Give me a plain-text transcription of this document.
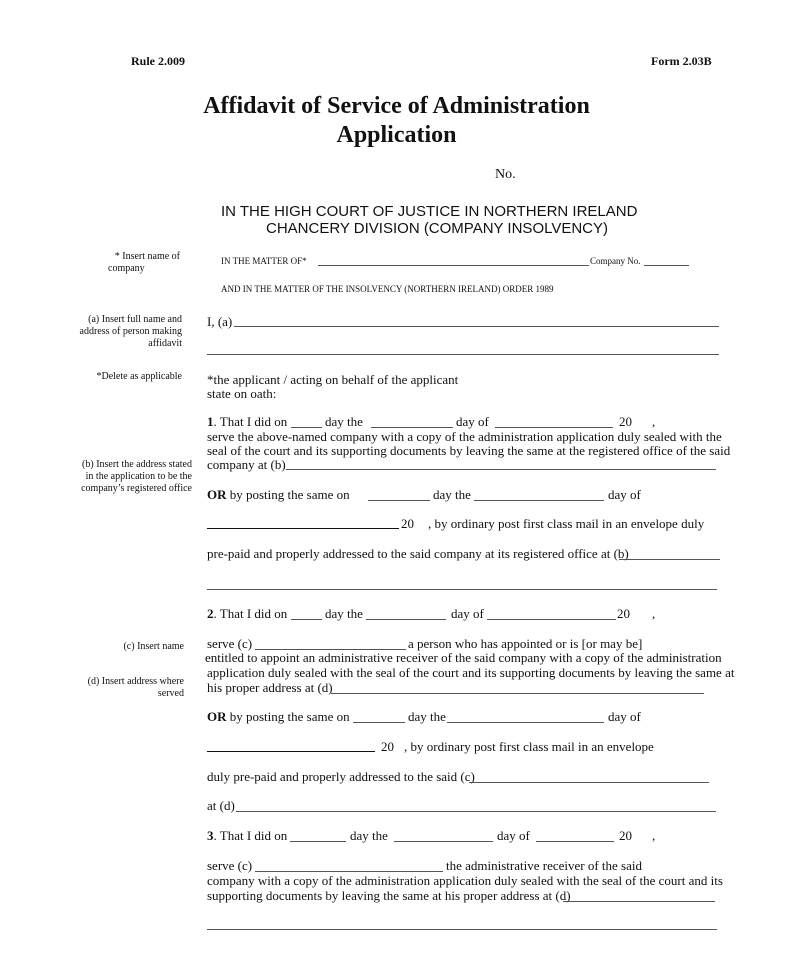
Rule 2.009	Form 2.03B
Affidavit of Service of Administration
Application
No.
IN THE HIGH COURT OF JUSTICE IN NORTHERN IRELAND
CHANCERY DIVISION (COMPANY INSOLVENCY)
* Insert name of
company
(a) Insert full name and
address of person making
affidavit
*Delete as applicable
(b) Insert the address stated
in the application to be the
company’s registered office
(c) Insert name
(d) Insert address where
served
IN THE MATTER OF*	Company No.
AND IN THE MATTER OF THE INSOLVENCY (NORTHERN IRELAND) ORDER 1989
I, (a)
*the applicant / acting on behalf of the applicant
state on oath:
1. That I did on	day the	day of	20 ,
serve the above-named company with a copy of the administration application duly sealed with the
seal of the court and its supporting documents by leaving the same at the registered office of the said
company at (b)
OR by posting the same on	day the	day of
20 , by ordinary post first class mail in an envelope duly
pre-paid and properly addressed to the said company at its registered office at (b)
2. That I did on	day the	day of	20 ,
serve (c)	a person who has appointed or is [or may be]
entitled to appoint an administrative receiver of the said company with a copy of the administration
application duly sealed with the seal of the court and its supporting documents by leaving the same at
his proper address at (d)
OR by posting the same on	day the	day of
20 , by ordinary post first class mail in an envelope
duly pre-paid and properly addressed to the said (c)
at (d)
3. That I did on	day the	day of	20 ,
serve (c)	the administrative receiver of the said
company with a copy of the administration application duly sealed with the seal of the court and its
supporting documents by leaving the same at his proper address at (d)
